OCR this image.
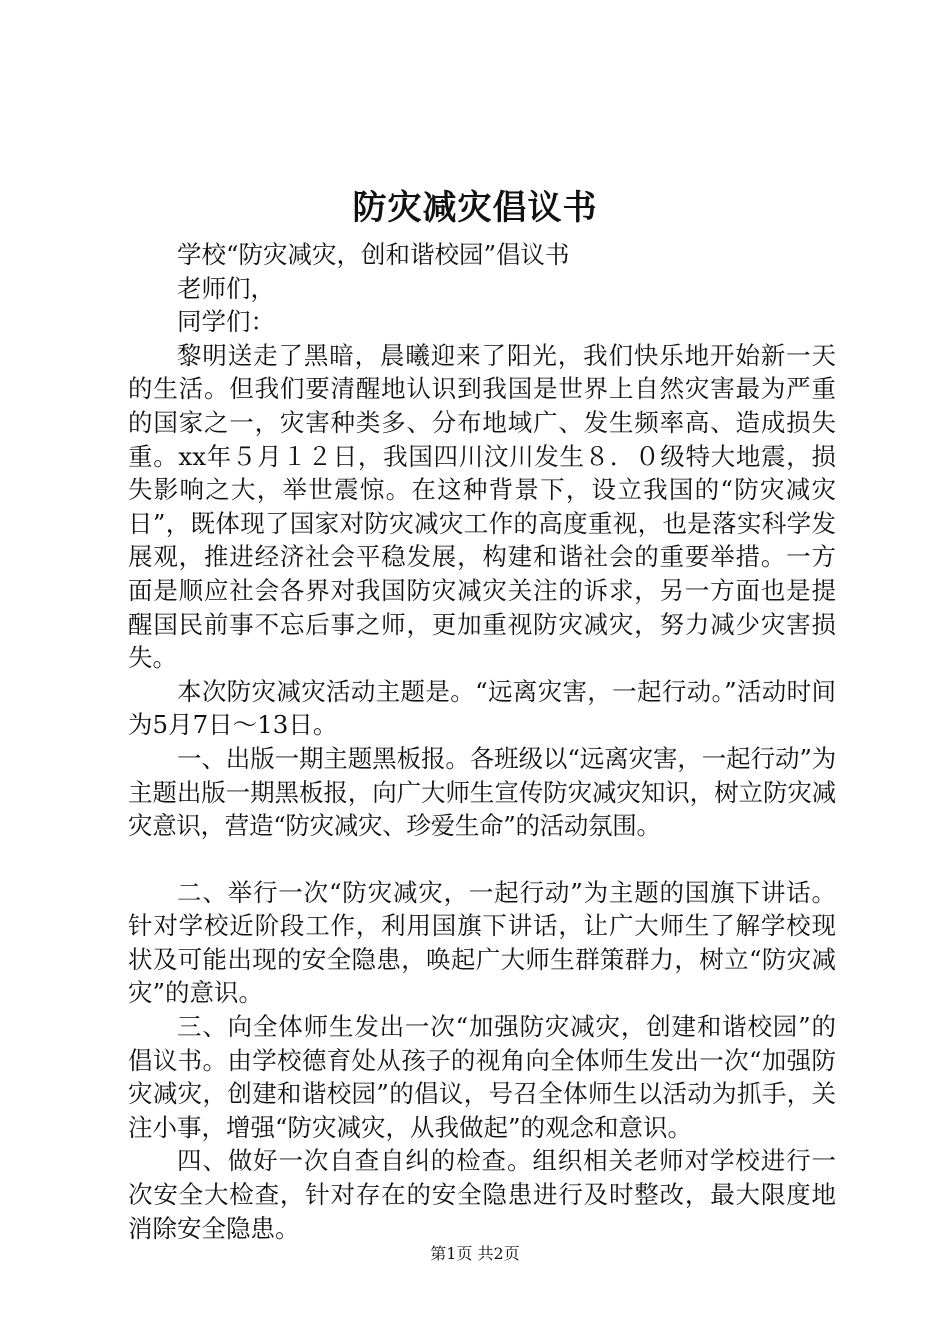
防灾减灾倡议书

学校“防灾减灾，创和谐校园”倡议书

老师们，

同学们：

黎明送走了黑暗，晨曦迎来了阳光，我们快乐地开始新一天的生活。但我们要清醒地认识到我国是世界上自然灾害最为严重的国家之一，灾害种类多、分布地域广、发生频率高、造成损失重。xx年５月１２日，我国四川汶川发生８．０级特大地震，损失影响之大，举世震惊。在这种背景下，设立我国的“防灾减灾日”，既体现了国家对防灾减灾工作的高度重视，也是落实科学发展观，推进经济社会平稳发展，构建和谐社会的重要举措。一方面是顺应社会各界对我国防灾减灾关注的诉求，另一方面也是提醒国民前事不忘后事之师，更加重视防灾减灾，努力减少灾害损失。

本次防灾减灾活动主题是。“远离灾害，一起行动。”活动时间为5月7日～13日。

一、出版一期主题黑板报。各班级以“远离灾害，一起行动”为主题出版一期黑板报，向广大师生宣传防灾减灾知识，树立防灾减灾意识，营造“防灾减灾、珍爱生命”的活动氛围。

二、举行一次“防灾减灾，一起行动”为主题的国旗下讲话。针对学校近阶段工作，利用国旗下讲话，让广大师生了解学校现状及可能出现的安全隐患，唤起广大师生群策群力，树立“防灾减灾”的意识。

三、向全体师生发出一次“加强防灾减灾，创建和谐校园”的倡议书。由学校德育处从孩子的视角向全体师生发出一次“加强防灾减灾，创建和谐校园”的倡议，号召全体师生以活动为抓手，关注小事，增强“防灾减灾，从我做起”的观念和意识。

四、做好一次自查自纠的检查。组织相关老师对学校进行一次安全大检查，针对存在的安全隐患进行及时整改，最大限度地消除安全隐患。

第1页 共2页
